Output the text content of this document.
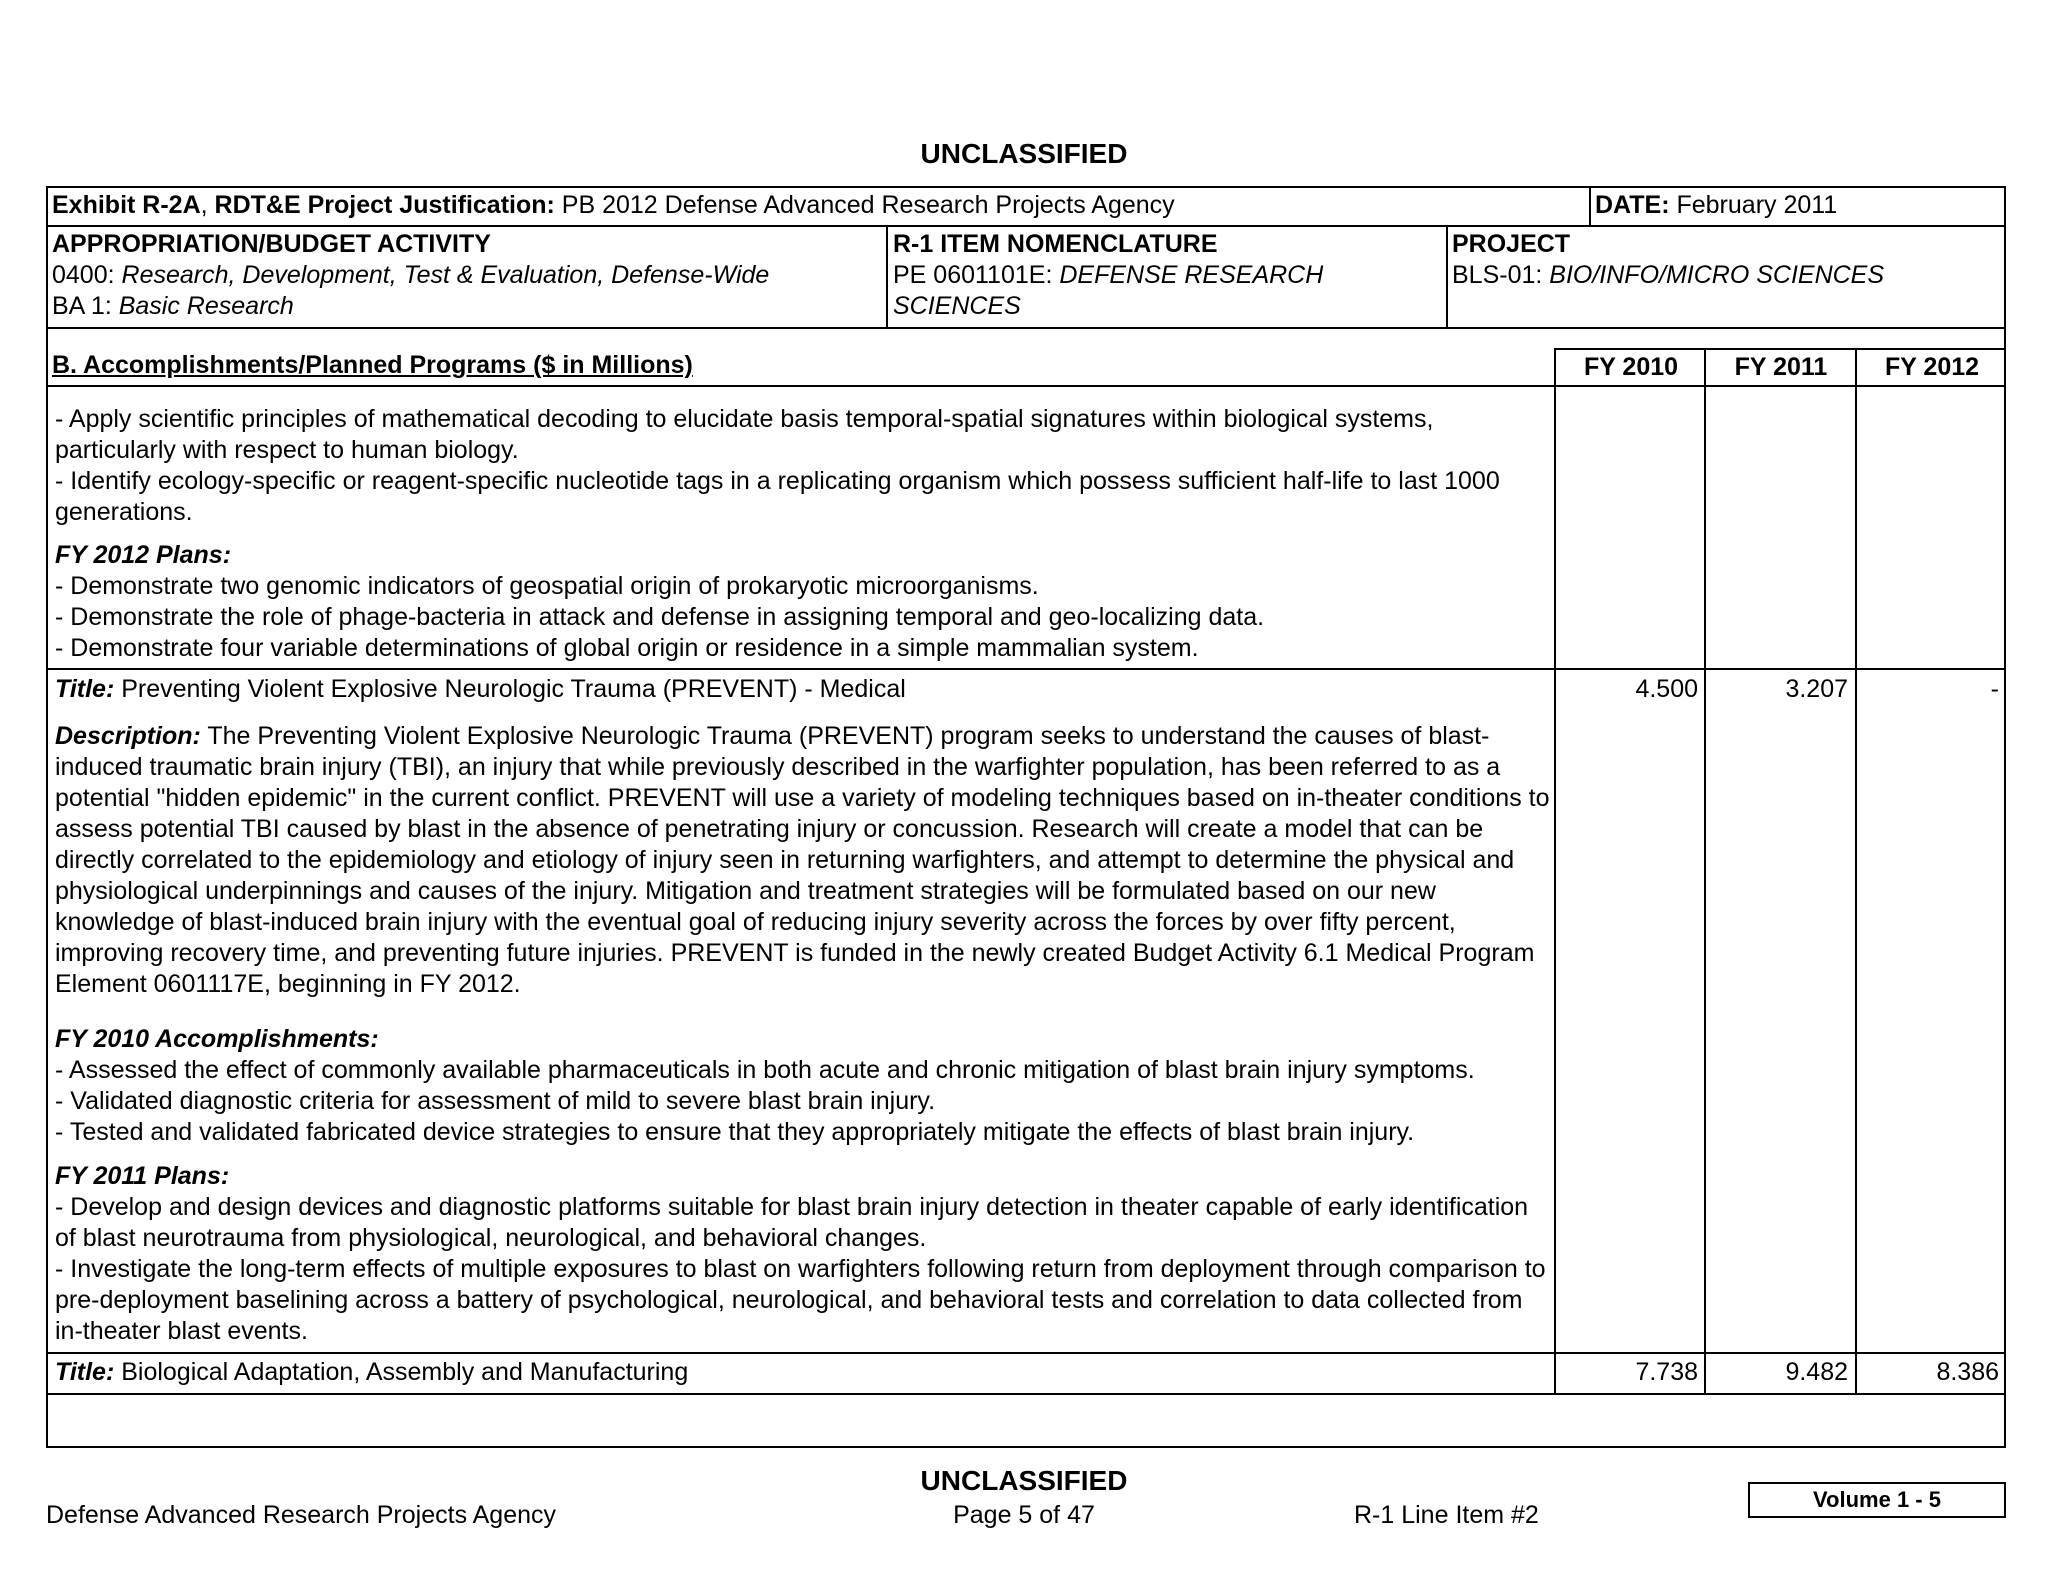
UNCLASSIFIED
Exhibit R-2A, RDT&E Project Justification: PB 2012 Defense Advanced Research Projects Agency	DATE: February 2011
APPROPRIATION/BUDGET ACTIVITY
0400: Research, Development, Test & Evaluation, Defense-Wide
BA 1: Basic Research
R-1 ITEM NOMENCLATURE
PE 0601101E: DEFENSE RESEARCH
SCIENCES
PROJECT
BLS-01: BIO/INFO/MICRO SCIENCES
B. Accomplishments/Planned Programs ($ in Millions)	FY 2010	FY 2011	FY 2012

- Apply scientific principles of mathematical decoding to elucidate basis temporal-spatial signatures within biological systems, particularly with respect to human biology.

- Identify ecology-specific or reagent-specific nucleotide tags in a replicating organism which possess sufficient half-life to last 1000 generations.

FY 2012 Plans:

- Demonstrate two genomic indicators of geospatial origin of prokaryotic microorganisms.

- Demonstrate the role of phage-bacteria in attack and defense in assigning temporal and geo-localizing data.

- Demonstrate four variable determinations of global origin or residence in a simple mammalian system.

Title: Preventing Violent Explosive Neurologic Trauma (PREVENT) - Medical	4.500	3.207	-

Description: The Preventing Violent Explosive Neurologic Trauma (PREVENT) program seeks to understand the causes of blast-induced traumatic brain injury (TBI), an injury that while previously described in the warfighter population, has been referred to as a potential "hidden epidemic" in the current conflict. PREVENT will use a variety of modeling techniques based on in-theater conditions to assess potential TBI caused by blast in the absence of penetrating injury or concussion. Research will create a model that can be directly correlated to the epidemiology and etiology of injury seen in returning warfighters, and attempt to determine the physical and physiological underpinnings and causes of the injury. Mitigation and treatment strategies will be formulated based on our new knowledge of blast-induced brain injury with the eventual goal of reducing injury severity across the forces by over fifty percent, improving recovery time, and preventing future injuries. PREVENT is funded in the newly created Budget Activity 6.1 Medical Program Element 0601117E, beginning in FY 2012.

FY 2010 Accomplishments:

- Assessed the effect of commonly available pharmaceuticals in both acute and chronic mitigation of blast brain injury symptoms.

- Validated diagnostic criteria for assessment of mild to severe blast brain injury.

- Tested and validated fabricated device strategies to ensure that they appropriately mitigate the effects of blast brain injury.

FY 2011 Plans:

- Develop and design devices and diagnostic platforms suitable for blast brain injury detection in theater capable of early identification of blast neurotrauma from physiological, neurological, and behavioral changes.

- Investigate the long-term effects of multiple exposures to blast on warfighters following return from deployment through comparison to pre-deployment baselining across a battery of psychological, neurological, and behavioral tests and correlation to data collected from in-theater blast events.

Title: Biological Adaptation, Assembly and Manufacturing	7.738	9.482	8.386
UNCLASSIFIED
Defense Advanced Research Projects Agency	Page 5 of 47	R-1 Line Item #2
Volume 1 - 5
